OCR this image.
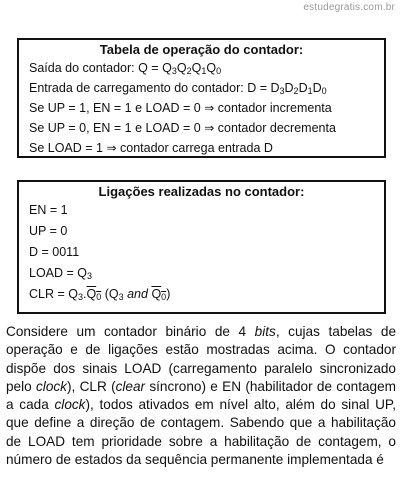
estudegratis.com.br
Tabela de operação do contador:
Saída do contador: $Q = Q_3Q_2Q_1Q_0$
Entrada de carregamento do contador: $D = D_3D_2D_1D_0$
Se UP = 1, EN = 1 e LOAD = 0 ⇒ contador incrementa
Se UP = 0, EN = 1 e LOAD = 0 ⇒ contador decrementa
Se LOAD = 1 ⇒ contador carrega entrada D
Ligações realizadas no contador:
EN = 1
UP = 0
D = 0011
LOAD = $Q_3$
CLR = $Q_3.Q_0$ ($Q_3$ and $Q_0$)

Considere um contador binário de 4 bits, cujas tabelas de operação e de ligações estão mostradas acima. O contador dispõe dos sinais LOAD (carregamento paralelo sincronizado pelo clock), CLR (clear síncrono) e EN (habilitador de contagem a cada clock), todos ativados em nível alto, além do sinal UP, que define a direção de contagem. Sabendo que a habilitação de LOAD tem prioridade sobre a habilitação de contagem, o número de estados da sequência permanente implementada é
